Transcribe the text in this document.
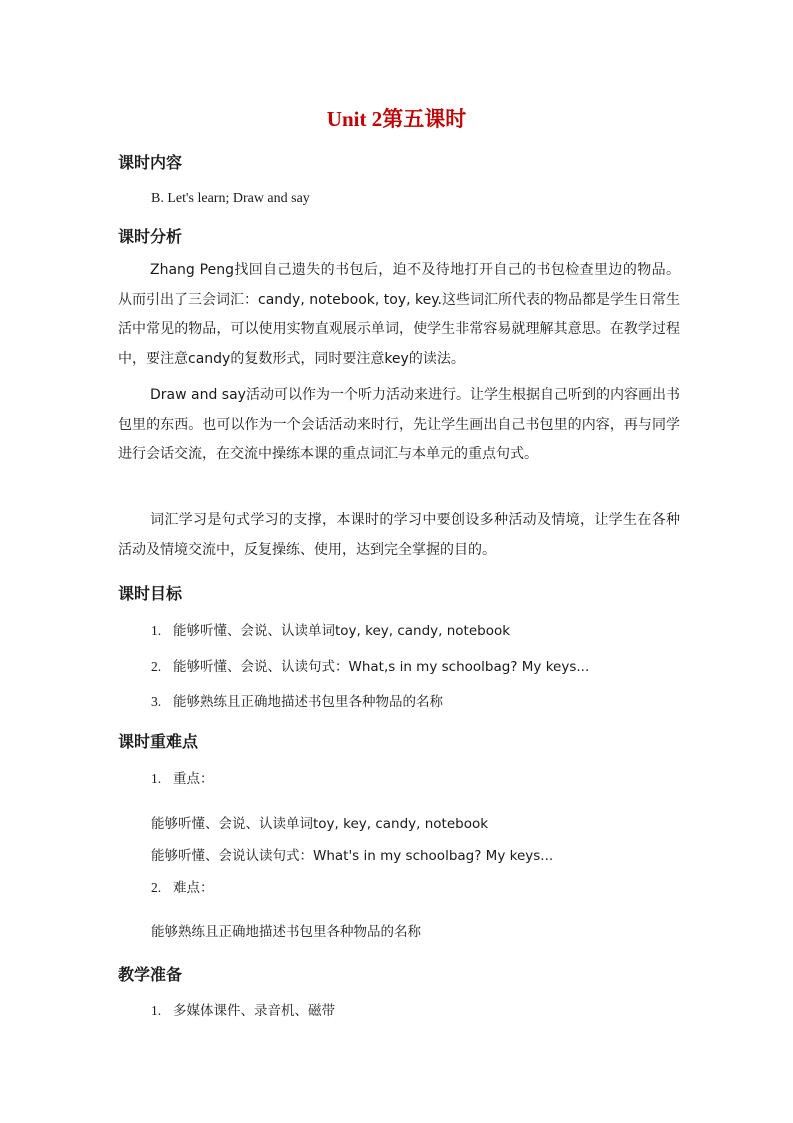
Unit 2第五课时
课时内容
B. Let's learn; Draw and say
课时分析
Zhang Peng找回自己遗失的书包后，迫不及待地打开自己的书包检查里边的物品。从而引出了三会词汇：candy, notebook, toy, key.这些词汇所代表的物品都是学生日常生活中常见的物品，可以使用实物直观展示单词，使学生非常容易就理解其意思。在教学过程中，要注意candy的复数形式，同时要注意key的读法。
Draw and say活动可以作为一个听力活动来进行。让学生根据自己听到的内容画出书包里的东西。也可以作为一个会话活动来时行，先让学生画出自己书包里的内容，再与同学进行会话交流，在交流中操练本课的重点词汇与本单元的重点句式。
词汇学习是句式学习的支撑，本课时的学习中要创设多种活动及情境，让学生在各种活动及情境交流中，反复操练、使用，达到完全掌握的目的。
课时目标
1. 能够听懂、会说、认读单词toy, key, candy, notebook
2. 能够听懂、会说、认读句式：What,s in my schoolbag? My keys...
3. 能够熟练且正确地描述书包里各种物品的名称
课时重难点
1. 重点：
能够听懂、会说、认读单词toy, key, candy, notebook
能够听懂、会说认读句式：What's in my schoolbag? My keys...
2. 难点：
能够熟练且正确地描述书包里各种物品的名称
教学准备
1. 多媒体课件、录音机、磁带
